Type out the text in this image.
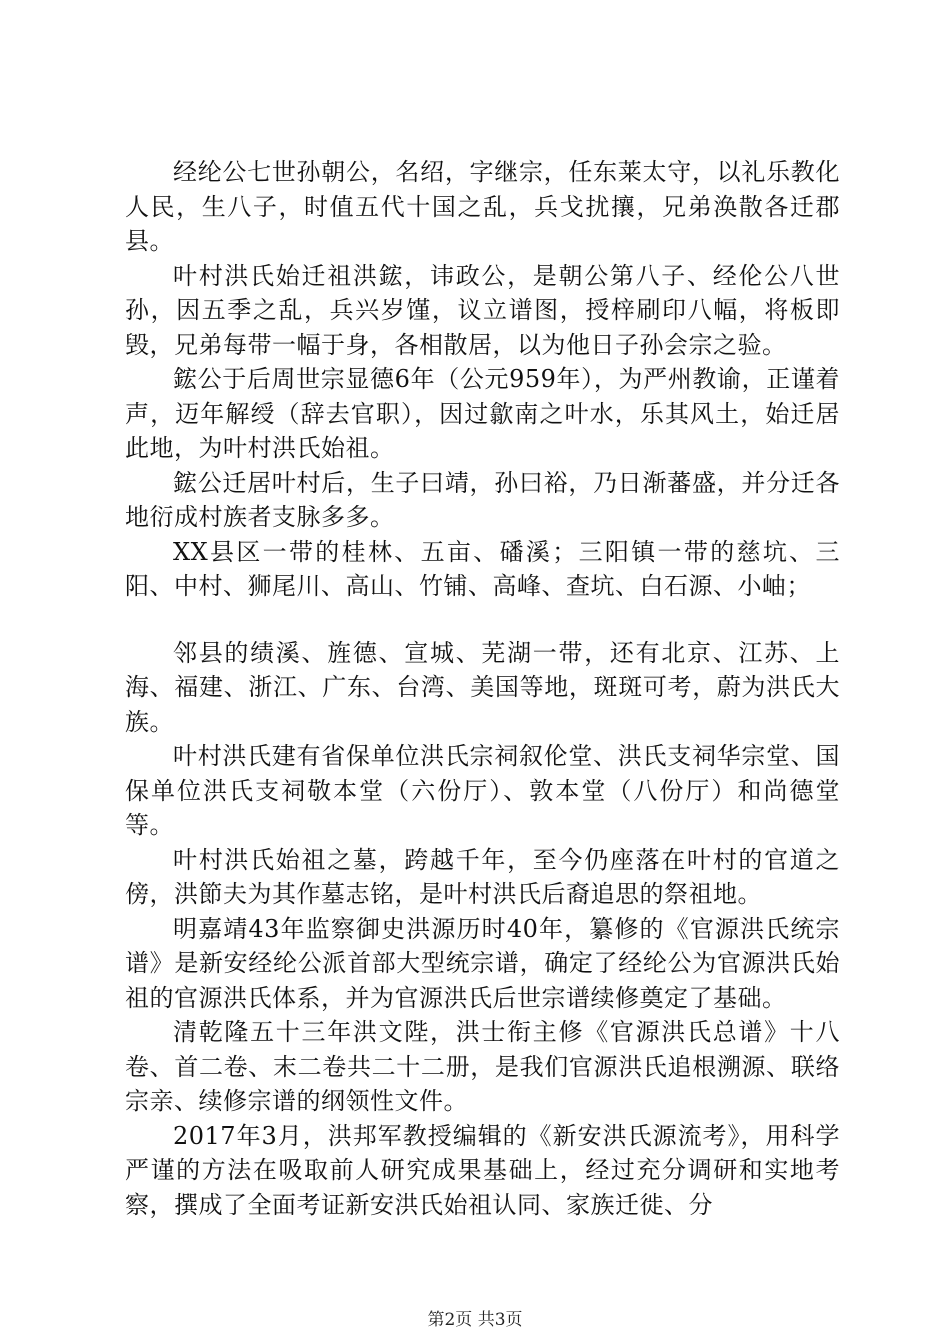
经纶公七世孙朝公，名绍，字继宗，任东莱太守，以礼乐教化人民，生八子，时值五代十国之乱，兵戈扰攘，兄弟涣散各迁郡县。

叶村洪氏始迁祖洪鋐，讳政公，是朝公第八子、经伦公八世孙，因五季之乱，兵兴岁馑，议立谱图，授梓刷印八幅，将板即毁，兄弟每带一幅于身，各相散居，以为他日子孙会宗之验。

鋐公于后周世宗显德6年（公元959年），为严州教谕，正谨着声，迈年解绶（辞去官职），因过歙南之叶水，乐其风土，始迁居此地，为叶村洪氏始祖。

鋐公迁居叶村后，生子曰靖，孙曰裕，乃日渐蕃盛，并分迁各地衍成村族者支脉多多。

XX县区一带的桂林、五亩、磻溪；三阳镇一带的慈坑、三阳、中村、狮尾川、高山、竹铺、高峰、查坑、白石源、小岫；

邻县的绩溪、旌德、宣城、芜湖一带，还有北京、江苏、上海、福建、浙江、广东、台湾、美国等地，斑斑可考，蔚为洪氏大族。

叶村洪氏建有省保单位洪氏宗祠叙伦堂、洪氏支祠华宗堂、国保单位洪氏支祠敬本堂（六份厅）、敦本堂（八份厅）和尚德堂等。

叶村洪氏始祖之墓，跨越千年，至今仍座落在叶村的官道之傍，洪節夫为其作墓志铭，是叶村洪氏后裔追思的祭祖地。

明嘉靖43年监察御史洪源历时40年，纂修的《官源洪氏统宗谱》是新安经纶公派首部大型统宗谱，确定了经纶公为官源洪氏始祖的官源洪氏体系，并为官源洪氏后世宗谱续修奠定了基础。

清乾隆五十三年洪文陛，洪士衔主修《官源洪氏总谱》十八卷、首二卷、末二卷共二十二册，是我们官源洪氏追根溯源、联络宗亲、续修宗谱的纲领性文件。

2017年3月，洪邦军教授编辑的《新安洪氏源流考》，用科学严谨的方法在吸取前人研究成果基础上，经过充分调研和实地考察，撰成了全面考证新安洪氏始祖认同、家族迁徙、分

第2页 共3页
